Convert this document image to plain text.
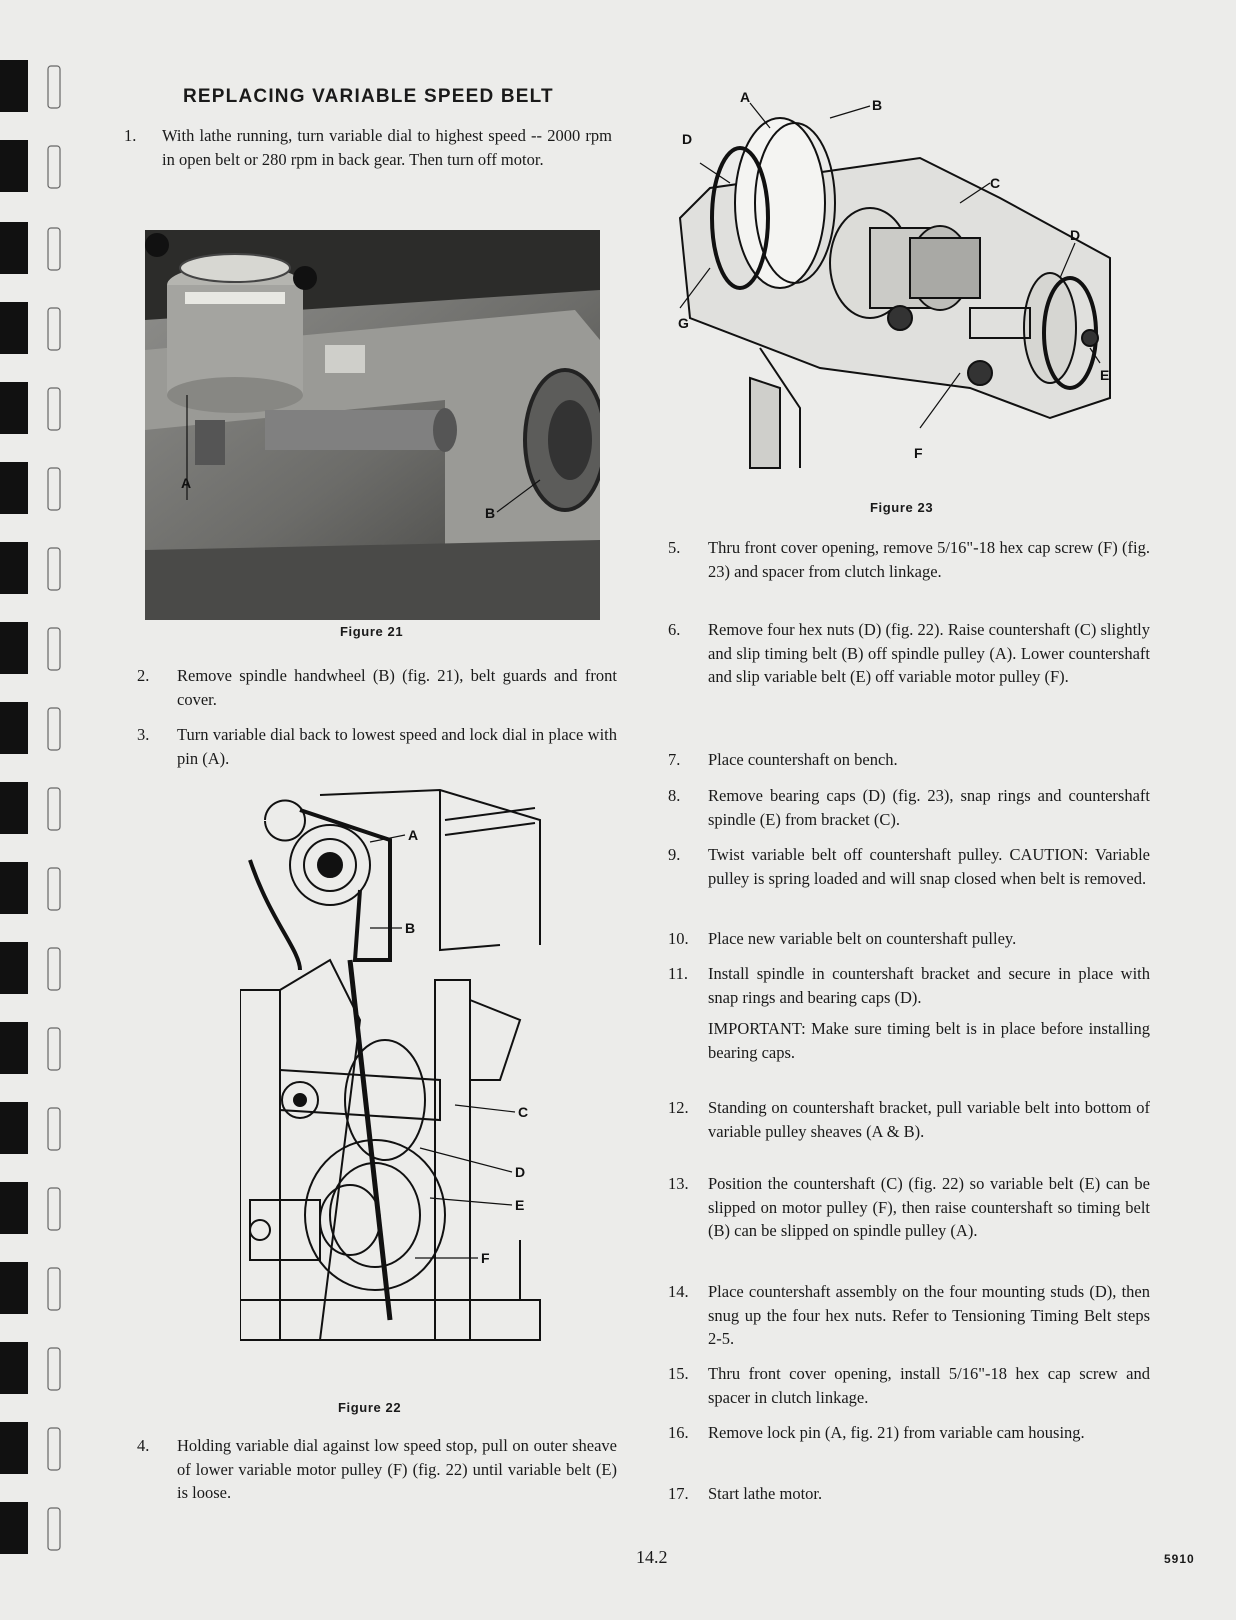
REPLACING VARIABLE SPEED BELT
1. With lathe running, turn variable dial to highest speed -- 2000 rpm in open belt or 280 rpm in back gear. Then turn off motor.
A
B
Figure 21
2. Remove spindle handwheel (B) (fig. 21), belt guards and front cover.
3. Turn variable dial back to lowest speed and lock dial in place with pin (A).
A
B
C
D
E
F
Figure 22
4. Holding variable dial against low speed stop, pull on outer sheave of lower variable motor pulley (F) (fig. 22) until variable belt (E) is loose.
A	B
C
D
D
G
E
F
Figure 23
5. Thru front cover opening, remove 5/16"-18 hex cap screw (F) (fig. 23) and spacer from clutch linkage.
6. Remove four hex nuts (D) (fig. 22). Raise countershaft (C) slightly and slip timing belt (B) off spindle pulley (A). Lower countershaft and slip variable belt (E) off variable motor pulley (F).
7. Place countershaft on bench.
8. Remove bearing caps (D) (fig. 23), snap rings and countershaft spindle (E) from bracket (C).
9. Twist variable belt off countershaft pulley. CAUTION: Variable pulley is spring loaded and will snap closed when belt is removed.
10. Place new variable belt on countershaft pulley.
11. Install spindle in countershaft bracket and secure in place with snap rings and bearing caps (D).
IMPORTANT: Make sure timing belt is in place before installing bearing caps.
12. Standing on countershaft bracket, pull variable belt into bottom of variable pulley sheaves (A & B).
13. Position the countershaft (C) (fig. 22) so variable belt (E) can be slipped on motor pulley (F), then raise countershaft so timing belt (B) can be slipped on spindle pulley (A).
14. Place countershaft assembly on the four mounting studs (D), then snug up the four hex nuts. Refer to Tensioning Timing Belt steps 2-5.
15. Thru front cover opening, install 5/16"-18 hex cap screw and spacer in clutch linkage.
16. Remove lock pin (A, fig. 21) from variable cam housing.
17. Start lathe motor.
14.2	5910
